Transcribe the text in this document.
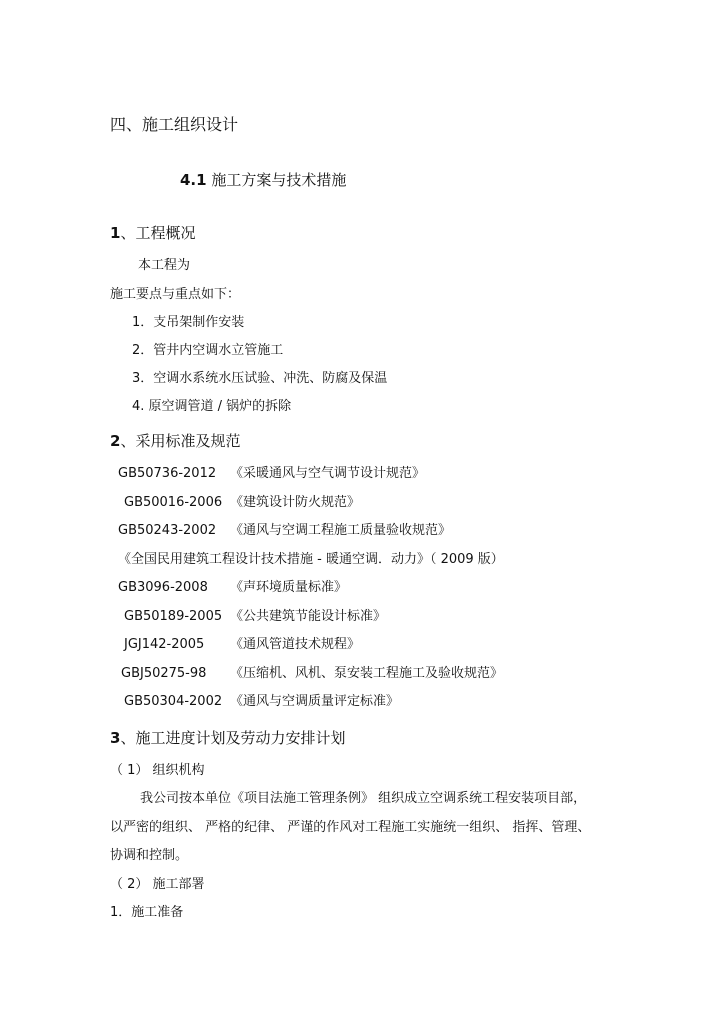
四、施工组织设计
4.1 施工方案与技术措施
1、工程概况
本工程为
施工要点与重点如下：
1．支吊架制作安装
2．管井内空调水立管施工
3．空调水系统水压试验、冲洗、防腐及保温
4. 原空调管道 / 锅炉的拆除
2、采用标准及规范
GB50736-2012 《采暖通风与空气调节设计规范》
GB50016-2006 《建筑设计防火规范》
GB50243-2002 《通风与空调工程施工质量验收规范》
《全国民用建筑工程设计技术措施 - 暖通空调．动力》（ 2009 版）
GB3096-2008 《声环境质量标准》
GB50189-2005 《公共建筑节能设计标准》
JGJ142-2005 《通风管道技术规程》
GBJ50275-98 《压缩机、风机、泵安装工程施工及验收规范》
GB50304-2002 《通风与空调质量评定标准》
3、施工进度计划及劳动力安排计划
（ 1） 组织机构
我公司按本单位《项目法施工管理条例》 组织成立空调系统工程安装项目部，
以严密的组织、 严格的纪律、 严谨的作风对工程施工实施统一组织、 指挥、管理、
协调和控制。
（ 2） 施工部署
1．施工准备
